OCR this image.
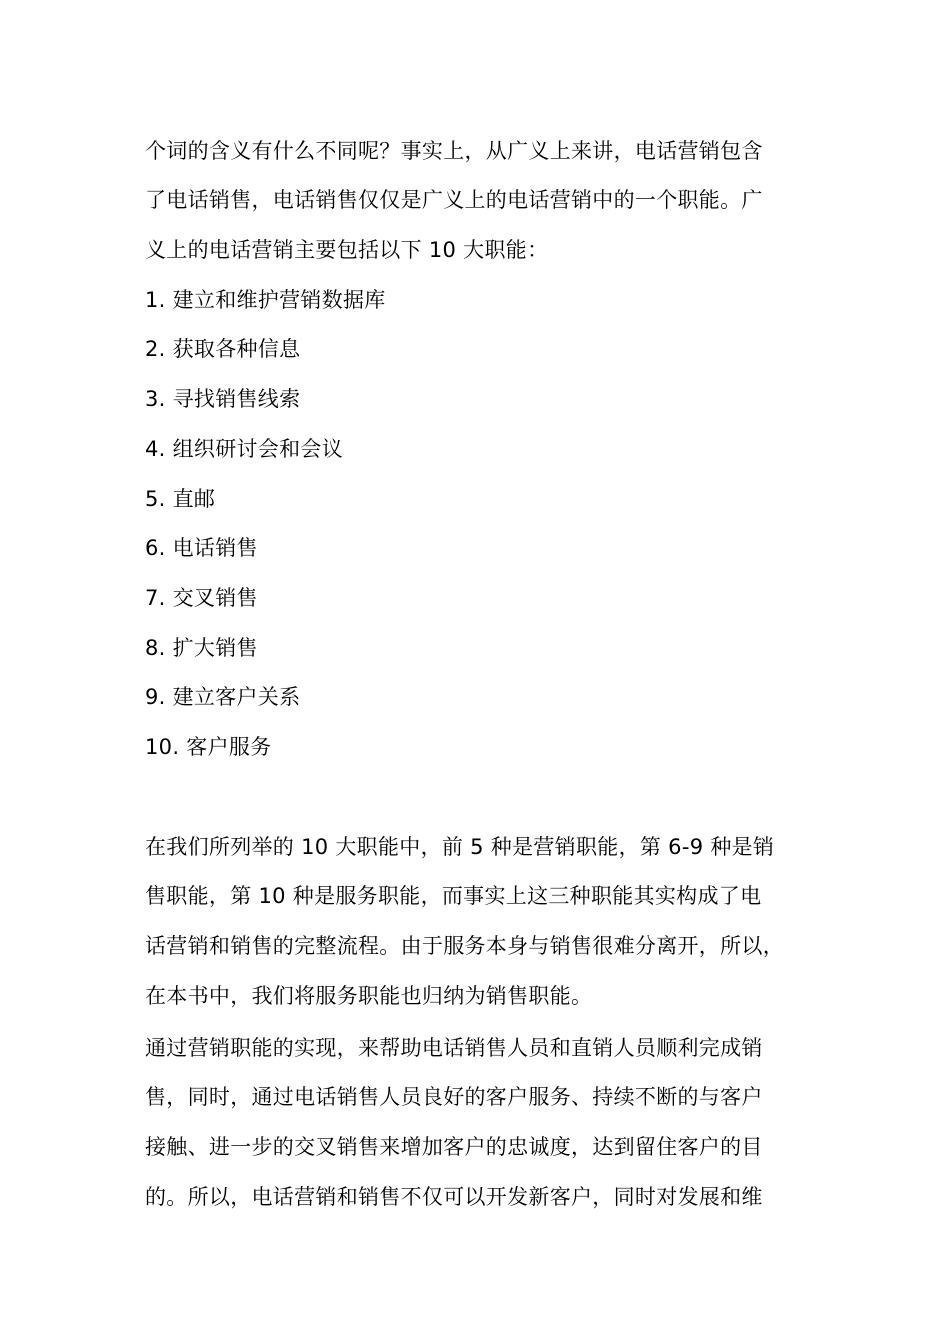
个词的含义有什么不同呢？事实上，从广义上来讲，电话营销包含
了电话销售，电话销售仅仅是广义上的电话营销中的一个职能。广
义上的电话营销主要包括以下 10 大职能：
1. 建立和维护营销数据库
2. 获取各种信息
3. 寻找销售线索
4. 组织研讨会和会议
5. 直邮
6. 电话销售
7. 交叉销售
8. 扩大销售
9. 建立客户关系
10. 客户服务
在我们所列举的 10 大职能中，前 5 种是营销职能，第 6-9 种是销
售职能，第 10 种是服务职能，而事实上这三种职能其实构成了电
话营销和销售的完整流程。由于服务本身与销售很难分离开，所以，
在本书中，我们将服务职能也归纳为销售职能。
通过营销职能的实现，来帮助电话销售人员和直销人员顺利完成销
售，同时，通过电话销售人员良好的客户服务、持续不断的与客户
接触、进一步的交叉销售来增加客户的忠诚度，达到留住客户的目
的。所以，电话营销和销售不仅可以开发新客户，同时对发展和维
